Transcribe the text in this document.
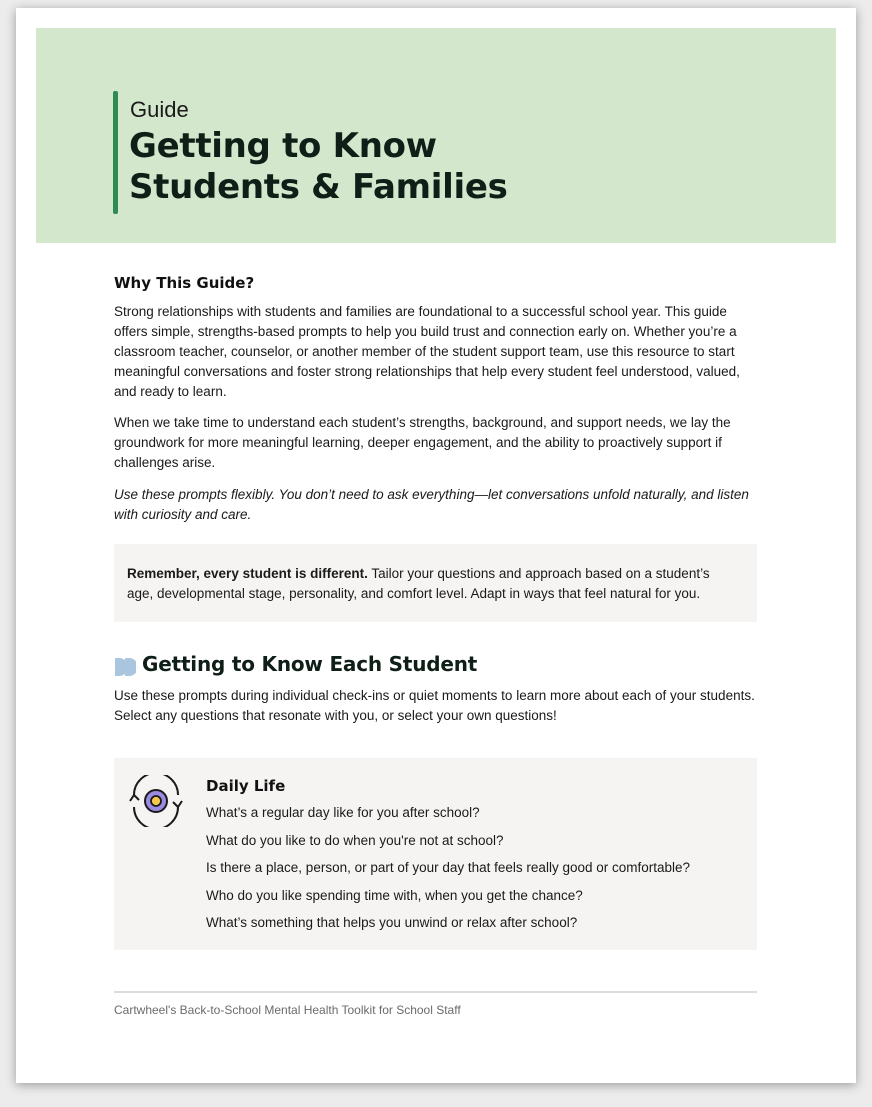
Guide
Getting to Know
Students & Families
Why This Guide?

Strong relationships with students and families are foundational to a successful school year. This guide offers simple, strengths-based prompts to help you build trust and connection early on. Whether you’re a classroom teacher, counselor, or another member of the student support team, use this resource to start meaningful conversations and foster strong relationships that help every student feel understood, valued, and ready to learn.

When we take time to understand each student’s strengths, background, and support needs, we lay the groundwork for more meaningful learning, deeper engagement, and the ability to proactively support if challenges arise.

Use these prompts flexibly. You don’t need to ask everything—let conversations unfold naturally, and listen with curiosity and care.

Remember, every student is different. Tailor your questions and approach based on a student’s age, developmental stage, personality, and comfort level. Adapt in ways that feel natural for you.

Getting to Know Each Student

Use these prompts during individual check-ins or quiet moments to learn more about each of your students. Select any questions that resonate with you, or select your own questions!

Daily Life
What’s a regular day like for you after school?
What do you like to do when you're not at school?
Is there a place, person, or part of your day that feels really good or comfortable?
Who do you like spending time with, when you get the chance?
What’s something that helps you unwind or relax after school?
Cartwheel's Back-to-School Mental Health Toolkit for School Staff
